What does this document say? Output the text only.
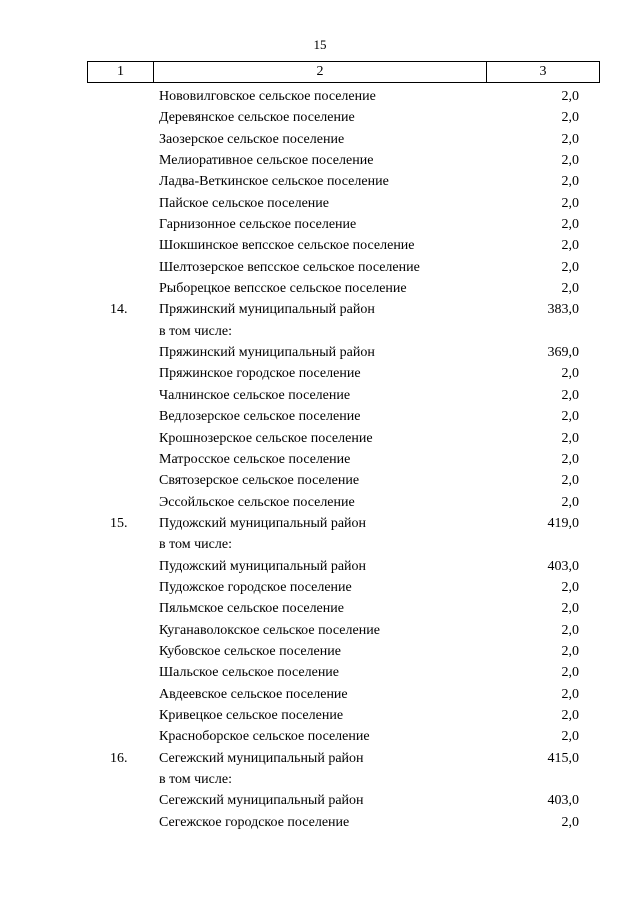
15
1	2	3
Нововилговское сельское поселение	2,0
Деревянское сельское поселение	2,0
Заозерское сельское поселение	2,0
Мелиоративное сельское поселение	2,0
Ладва-Веткинское сельское поселение	2,0
Пайское сельское поселение	2,0
Гарнизонное сельское поселение	2,0
Шокшинское вепсское сельское поселение	2,0
Шелтозерское вепсское сельское поселение	2,0
Рыборецкое вепсское сельское поселение	2,0
14. Пряжинский муниципальный район	383,0
в том числе:
Пряжинский муниципальный район	369,0
Пряжинское городское поселение	2,0
Чалнинское сельское поселение	2,0
Ведлозерское сельское поселение	2,0
Крошнозерское сельское поселение	2,0
Матросское сельское поселение	2,0
Святозерское сельское поселение	2,0
Эссойльское сельское поселение	2,0
15. Пудожский муниципальный район	419,0
в том числе:
Пудожский муниципальный район	403,0
Пудожское городское поселение	2,0
Пяльмское сельское поселение	2,0
Куганаволокское сельское поселение	2,0
Кубовское сельское поселение	2,0
Шальское сельское поселение	2,0
Авдеевское сельское поселение	2,0
Кривецкое сельское поселение	2,0
Красноборское сельское поселение	2,0
16. Сегежский муниципальный район	415,0
в том числе:
Сегежский муниципальный район	403,0
Сегежское городское поселение	2,0
